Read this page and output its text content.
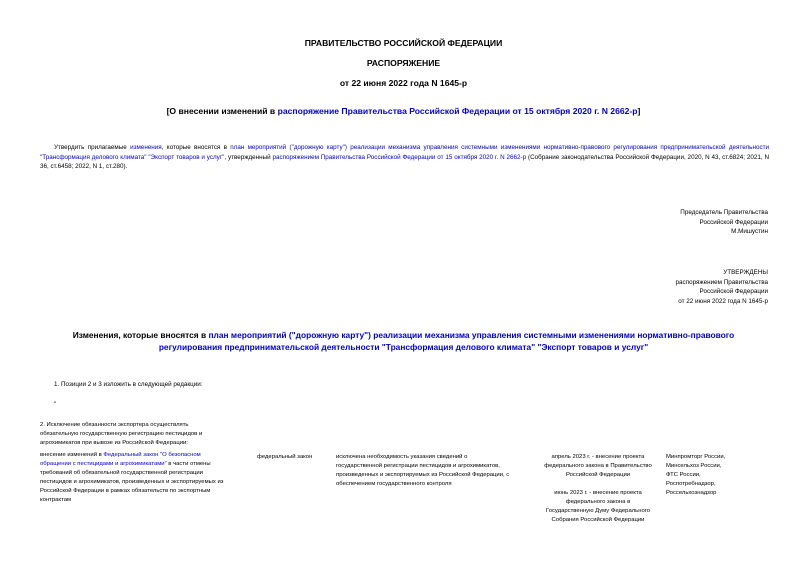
ПРАВИТЕЛЬСТВО РОССИЙСКОЙ ФЕДЕРАЦИИ
РАСПОРЯЖЕНИЕ
от 22 июня 2022 года N 1645-р
[О внесении изменений в распоряжение Правительства Российской Федерации от 15 октября 2020 г. N 2662-р]
Утвердить прилагаемые изменения, которые вносятся в план мероприятий ("дорожную карту") реализации механизма управления системными изменениями нормативно-правового регулирования предпринимательской деятельности "Трансформация делового климата" "Экспорт товаров и услуг", утвержденный распоряжением Правительства Российской Федерации от 15 октября 2020 г. N 2662-р (Собрание законодательства Российской Федерации, 2020, N 43, ст.6824; 2021, N 36, ст.6458; 2022, N 1, ст.280).
Председатель Правительства
Российской Федерации
М.Мишустин
УТВЕРЖДЕНЫ
распоряжением Правительства
Российской Федерации
от 22 июня 2022 года N 1645-р
Изменения, которые вносятся в план мероприятий ("дорожную карту") реализации механизма управления системными изменениями нормативно-правового
регулирования предпринимательской деятельности "Трансформация делового климата" "Экспорт товаров и услуг"
1. Позиции 2 и 3 изложить в следующей редакции:
"
2. Исключение обязанности экспортера осуществлять
обязательную государственную регистрацию пестицидов и
агрохимикатов при вывозе из Российской Федерации:
внесение изменений в Федеральный закон "О безопасном
обращении с пестицидами и агрохимикатами" в части отмены
требований об обязательной государственной регистрации
пестицидов и агрохимикатов, произведенных и экспортируемых из
Российской Федерации в рамках обязательств по экспортным
контрактам
федеральный закон	исключена необходимость указания сведений о
государственной регистрации пестицидов и агрохимикатов,
произведенных и экспортируемых из Российской Федерации, с
обеспечением государственного контроля
апрель 2023 г. - внесение проекта
федерального закона в Правительство
Российской Федерации
июнь 2023 г. - внесение проекта
федерального закона в
Государственную Думу Федерального
Собрания Российской Федерации
Минпромторг России,
Минсельхоз России,
ФТС России,
Роспотребнадзор,
Россельхознадзор
